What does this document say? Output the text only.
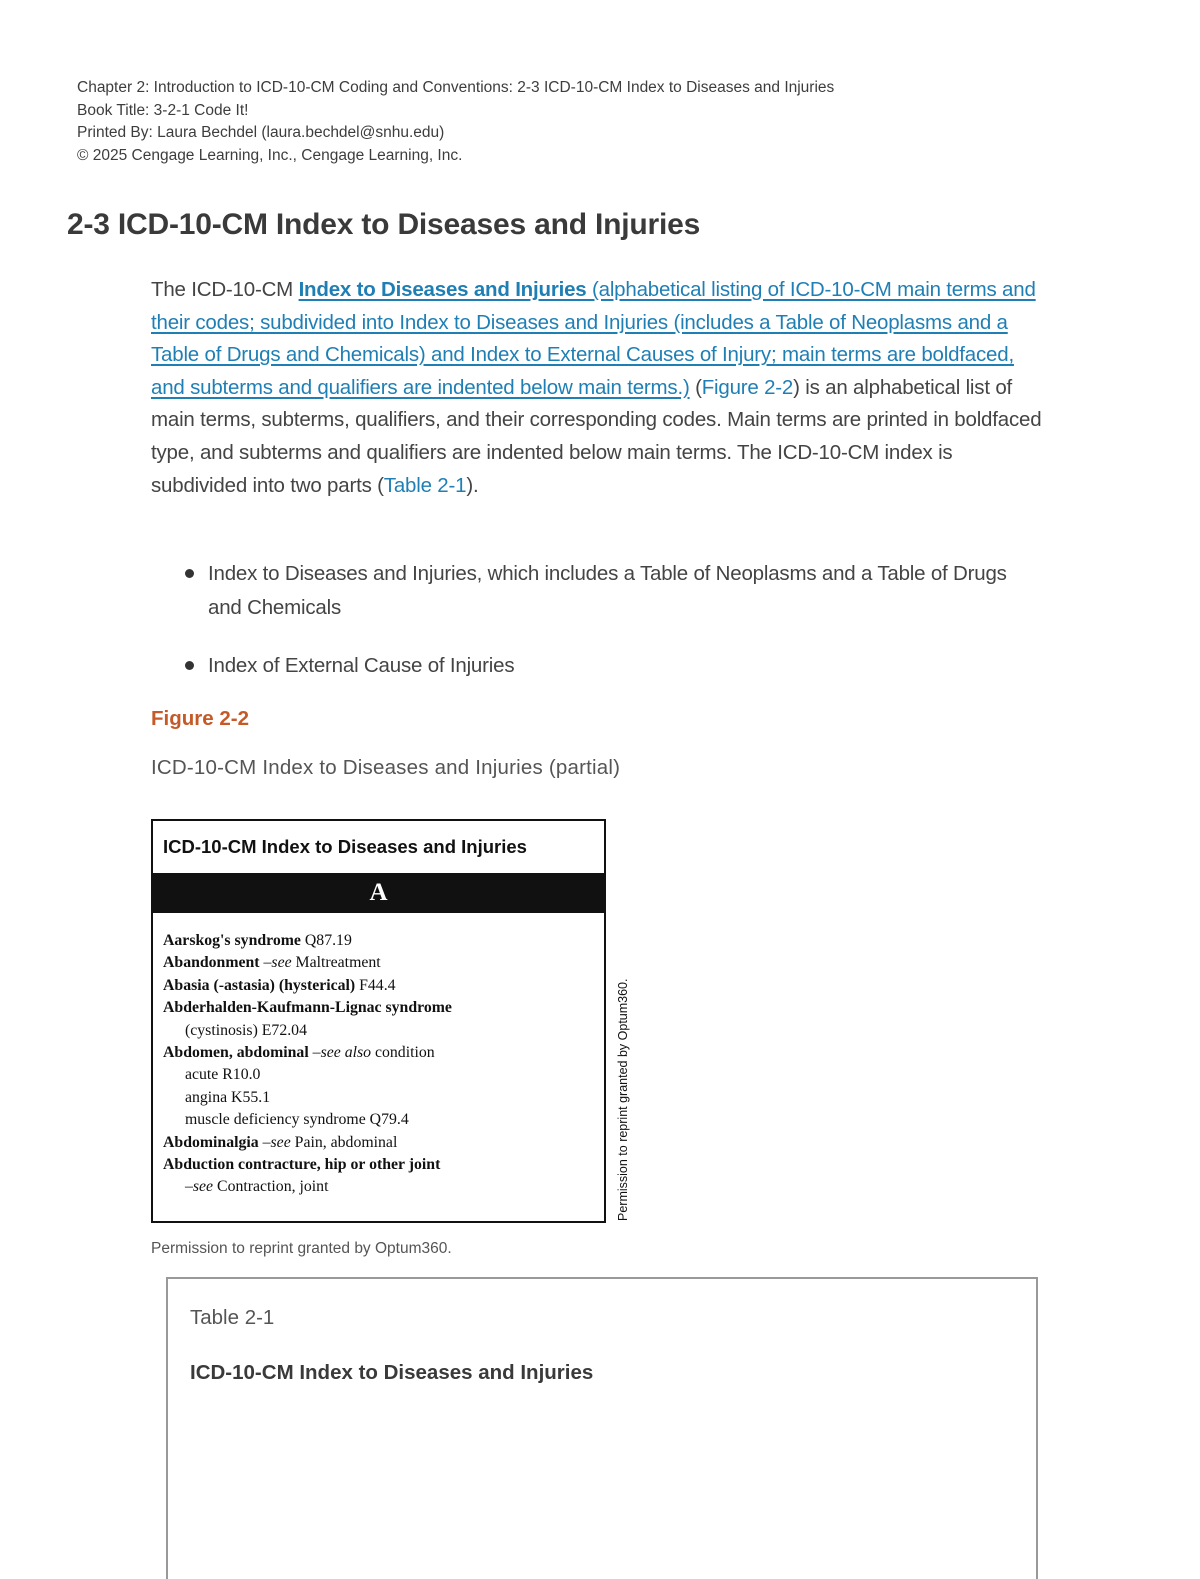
Chapter 2: Introduction to ICD-10-CM Coding and Conventions: 2-3 ICD-10-CM Index to Diseases and Injuries
Book Title: 3-2-1 Code It!
Printed By: Laura Bechdel (laura.bechdel@snhu.edu)
© 2025 Cengage Learning, Inc., Cengage Learning, Inc.
2-3 ICD-10-CM Index to Diseases and Injuries

The ICD-10-CM Index to Diseases and Injuries (alphabetical listing of ICD-10-CM main terms and their codes; subdivided into Index to Diseases and Injuries (includes a Table of Neoplasms and a Table of Drugs and Chemicals) and Index to External Causes of Injury; main terms are boldfaced, and subterms and qualifiers are indented below main terms.) (Figure 2-2) is an alphabetical list of main terms, subterms, qualifiers, and their corresponding codes. Main terms are printed in boldfaced type, and subterms and qualifiers are indented below main terms. The ICD-10-CM index is subdivided into two parts (Table 2-1).

Index to Diseases and Injuries, which includes a Table of Neoplasms and a Table of Drugs and Chemicals
Index of External Cause of Injuries
Figure 2-2
ICD-10-CM Index to Diseases and Injuries (partial)
ICD-10-CM Index to Diseases and Injuries
A
Aarskog's syndrome Q87.19
Abandonment –see Maltreatment
Abasia (-astasia) (hysterical) F44.4
Abderhalden-Kaufmann-Lignac syndrome
(cystinosis) E72.04
Abdomen, abdominal –see also condition
acute R10.0
angina K55.1
muscle deficiency syndrome Q79.4
Abdominalgia –see Pain, abdominal
Abduction contracture, hip or other joint
–see Contraction, joint	Permission to reprint granted by Optum360.
Permission to reprint granted by Optum360.
Table 2-1
ICD-10-CM Index to Diseases and Injuries
